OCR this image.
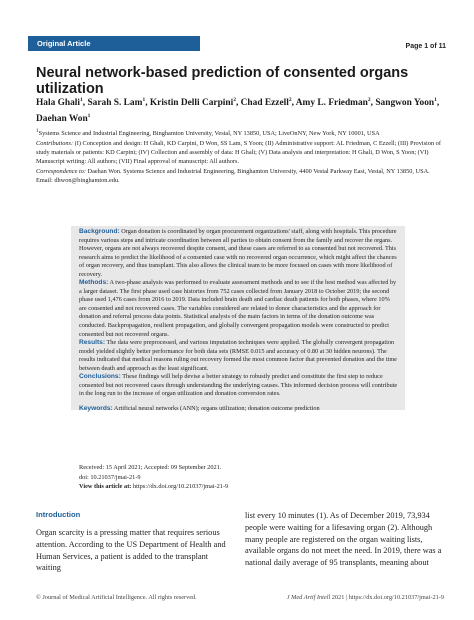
Original Article	Page 1 of 11
Neural network-based prediction of consented organs utilization
Hala Ghali$^1$, Sarah S. Lam$^1$, Kristin Delli Carpini$^2$, Chad Ezzell$^2$, Amy L. Friedman$^2$, Sangwon Yoon$^1$, Daehan Won$^1$

$^1$Systems Science and Industrial Engineering, Binghamton University, Vestal, NY 13850, USA; LiveOnNY, New York, NY 10001, USA

Contributions: (I) Conception and design: H Ghali, KD Carpini, D Won, SS Lam, S Yoon; (II) Administrative support: AL Friedman, C Ezzell; (III) Provision of study materials or patients: KD Carpini; (IV) Collection and assembly of data: H Ghali; (V) Data analysis and interpretation: H Ghali, D Won, S Yoon; (VI) Manuscript writing: All authors; (VII) Final approval of manuscript: All authors.

Correspondence to: Daehan Won. Systems Science and Industrial Engineering, Binghamton University, 4400 Vestal Parkway East, Vestal, NY 13850, USA. Email: dhwon@binghamton.edu.

Background: Organ donation is coordinated by organ procurement organizations' staff, along with hospitals. This procedure requires various steps and intricate coordination between all parties to obtain consent from the family and recover the organs. However, organs are not always recovered despite consent, and these cases are referred to as consented but not recovered. This research aims to predict the likelihood of a consented case with no recovered organ occurrence, which might affect the chances of organ recovery, and thus transplant. This also allows the clinical team to be more focused on cases with more likelihood of recovery.

Methods: A two-phase analysis was performed to evaluate assessment methods and to see if the best method was affected by a larger dataset. The first phase used case histories from 752 cases collected from January 2018 to October 2019; the second phase used 1,476 cases from 2016 to 2019. Data included brain death and cardiac death patients for both phases, where 10% are consented and not recovered cases. The variables considered are related to donor characteristics and the approach for donation and referral process data points. Statistical analysis of the main factors in terms of the donation outcome was conducted. Backpropagation, resilient propagation, and globally convergent propagation models were constructed to predict consented but not recovered organs.

Results: The data were preprocessed, and various imputation techniques were applied. The globally convergent propagation model yielded slightly better performance for both data sets (RMSE 0.015 and accuracy of 0.80 at 30 hidden neurons). The results indicated that medical reasons ruling out recovery formed the most common factor that prevented donation and the time between death and approach as the least significant.

Conclusions: These findings will help devise a better strategy to robustly predict and constitute the first step to reduce consented but not recovered cases through understanding the underlying causes. This informed decision process will contribute in the long run to the increase of organ utilization and donation conversion rates.

Keywords: Artificial neural networks (ANN); organs utilization; donation outcome prediction

Received: 15 April 2021; Accepted: 09 September 2021.

doi: 10.21037/jmai-21-9

View this article at: https://dx.doi.org/10.21037/jmai-21-9

Introduction

Organ scarcity is a pressing matter that requires serious attention. According to the US Department of Health and Human Services, a patient is added to the transplant waiting

list every 10 minutes (1). As of December 2019, 73,934 people were waiting for a lifesaving organ (2). Although many people are registered on the organ waiting lists, available organs do not meet the need. In 2019, there was a national daily average of 95 transplants, meaning about

© Journal of Medical Artificial Intelligence. All rights reserved.	J Med Artif Intell 2021 | https://dx.doi.org/10.21037/jmai-21-9
